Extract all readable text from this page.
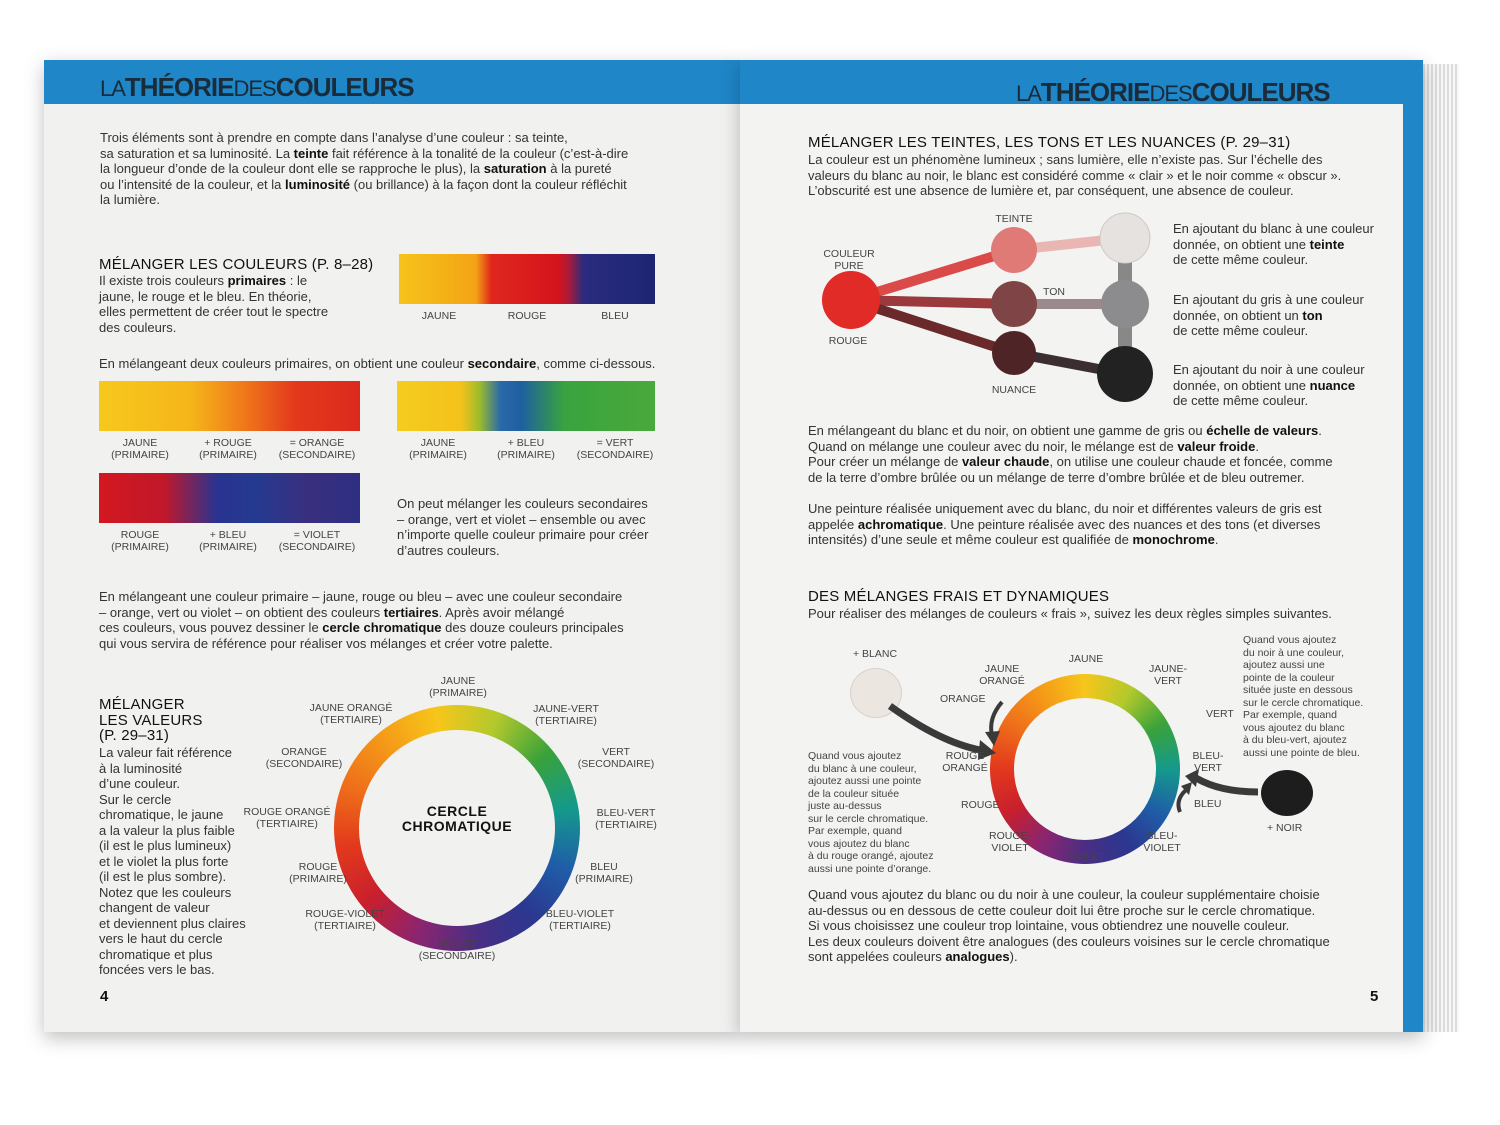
LATHÉORIEDESCOULEURS
Trois éléments sont à prendre en compte dans l’analyse d’une couleur : sa teinte,
sa saturation et sa luminosité. La teinte fait référence à la tonalité de la couleur (c’est-à-dire
la longueur d’onde de la couleur dont elle se rapproche le plus), la saturation à la pureté
ou l’intensité de la couleur, et la luminosité (ou brillance) à la façon dont la couleur réfléchit
la lumière.
MÉLANGER LES COULEURS (P. 8–28)
Il existe trois couleurs primaires : le
jaune, le rouge et le bleu. En théorie,
elles permettent de créer tout le spectre
des couleurs.
JAUNE	ROUGE	BLEU
En mélangeant deux couleurs primaires, on obtient une couleur secondaire, comme ci-dessous.
JAUNE
(PRIMAIRE)
+ ROUGE
(PRIMAIRE)
= ORANGE
(SECONDAIRE)
JAUNE
(PRIMAIRE)
+ BLEU
(PRIMAIRE)
= VERT
(SECONDAIRE)
ROUGE
(PRIMAIRE)
+ BLEU
(PRIMAIRE)
= VIOLET
(SECONDAIRE)
On peut mélanger les couleurs secondaires
– orange, vert et violet – ensemble ou avec
n’importe quelle couleur primaire pour créer
d’autres couleurs.
En mélangeant une couleur primaire – jaune, rouge ou bleu – avec une couleur secondaire
– orange, vert ou violet – on obtient des couleurs tertiaires. Après avoir mélangé
ces couleurs, vous pouvez dessiner le cercle chromatique des douze couleurs principales
qui vous servira de référence pour réaliser vos mélanges et créer votre palette.
MÉLANGER
LES VALEURS
(P. 29–31)
La valeur fait référence
à la luminosité
d’une couleur.
Sur le cercle
chromatique, le jaune
a la valeur la plus faible
(il est le plus lumineux)
et le violet la plus forte
(il est le plus sombre).
Notez que les couleurs
changent de valeur
et deviennent plus claires
vers le haut du cercle
chromatique et plus
foncées vers le bas.
CERCLE
CHROMATIQUE
JAUNE
(PRIMAIRE)
JAUNE-VERT
(TERTIAIRE)
VERT
(SECONDAIRE)
BLEU-VERT
(TERTIAIRE)
BLEU
(PRIMAIRE)
BLEU-VIOLET
(TERTIAIRE)
VIOLET
(SECONDAIRE)
ROUGE-VIOLET
(TERTIAIRE)
ROUGE
(PRIMAIRE)
ROUGE ORANGÉ
(TERTIAIRE)
ORANGE
(SECONDAIRE)
JAUNE ORANGÉ
(TERTIAIRE)
4
LATHÉORIEDESCOULEURS
MÉLANGER LES TEINTES, LES TONS ET LES NUANCES (P. 29–31)
La couleur est un phénomène lumineux ; sans lumière, elle n’existe pas. Sur l’échelle des
valeurs du blanc au noir, le blanc est considéré comme « clair » et le noir comme « obscur ».
L’obscurité est une absence de lumière et, par conséquent, une absence de couleur.
TEINTE
COULEUR
PURE
TON
ROUGE
NUANCE
En ajoutant du blanc à une couleur
donnée, on obtient une teinte
de cette même couleur.
En ajoutant du gris à une couleur
donnée, on obtient un ton
de cette même couleur.
En ajoutant du noir à une couleur
donnée, on obtient une nuance
de cette même couleur.
En mélangeant du blanc et du noir, on obtient une gamme de gris ou échelle de valeurs.
Quand on mélange une couleur avec du noir, le mélange est de valeur froide.
Pour créer un mélange de valeur chaude, on utilise une couleur chaude et foncée, comme
de la terre d’ombre brûlée ou un mélange de terre d’ombre brûlée et de bleu outremer.
Une peinture réalisée uniquement avec du blanc, du noir et différentes valeurs de gris est
appelée achromatique. Une peinture réalisée avec des nuances et des tons (et diverses
intensités) d’une seule et même couleur est qualifiée de monochrome.
DES MÉLANGES FRAIS ET DYNAMIQUES
Pour réaliser des mélanges de couleurs « frais », suivez les deux règles simples suivantes.
+ BLANC
+ NOIR
JAUNE
JAUNE
ORANGÉ
JAUNE-
VERT
ORANGE
VERT
ROUGE
ORANGÉ
BLEU-
VERT
ROUGE	BLEU
ROUGE-
VIOLET
BLEU-
VIOLET
VIOLET
Quand vous ajoutez
du noir à une couleur,
ajoutez aussi une
pointe de la couleur
située juste en dessous
sur le cercle chromatique.
Par exemple, quand
vous ajoutez du blanc
à du bleu-vert, ajoutez
aussi une pointe de bleu.
Quand vous ajoutez
du blanc à une couleur,
ajoutez aussi une pointe
de la couleur située
juste au-dessus
sur le cercle chromatique.
Par exemple, quand
vous ajoutez du blanc
à du rouge orangé, ajoutez
aussi une pointe d’orange.
Quand vous ajoutez du blanc ou du noir à une couleur, la couleur supplémentaire choisie
au-dessus ou en dessous de cette couleur doit lui être proche sur le cercle chromatique.
Si vous choisissez une couleur trop lointaine, vous obtiendrez une nouvelle couleur.
Les deux couleurs doivent être analogues (des couleurs voisines sur le cercle chromatique
sont appelées couleurs analogues).
5
